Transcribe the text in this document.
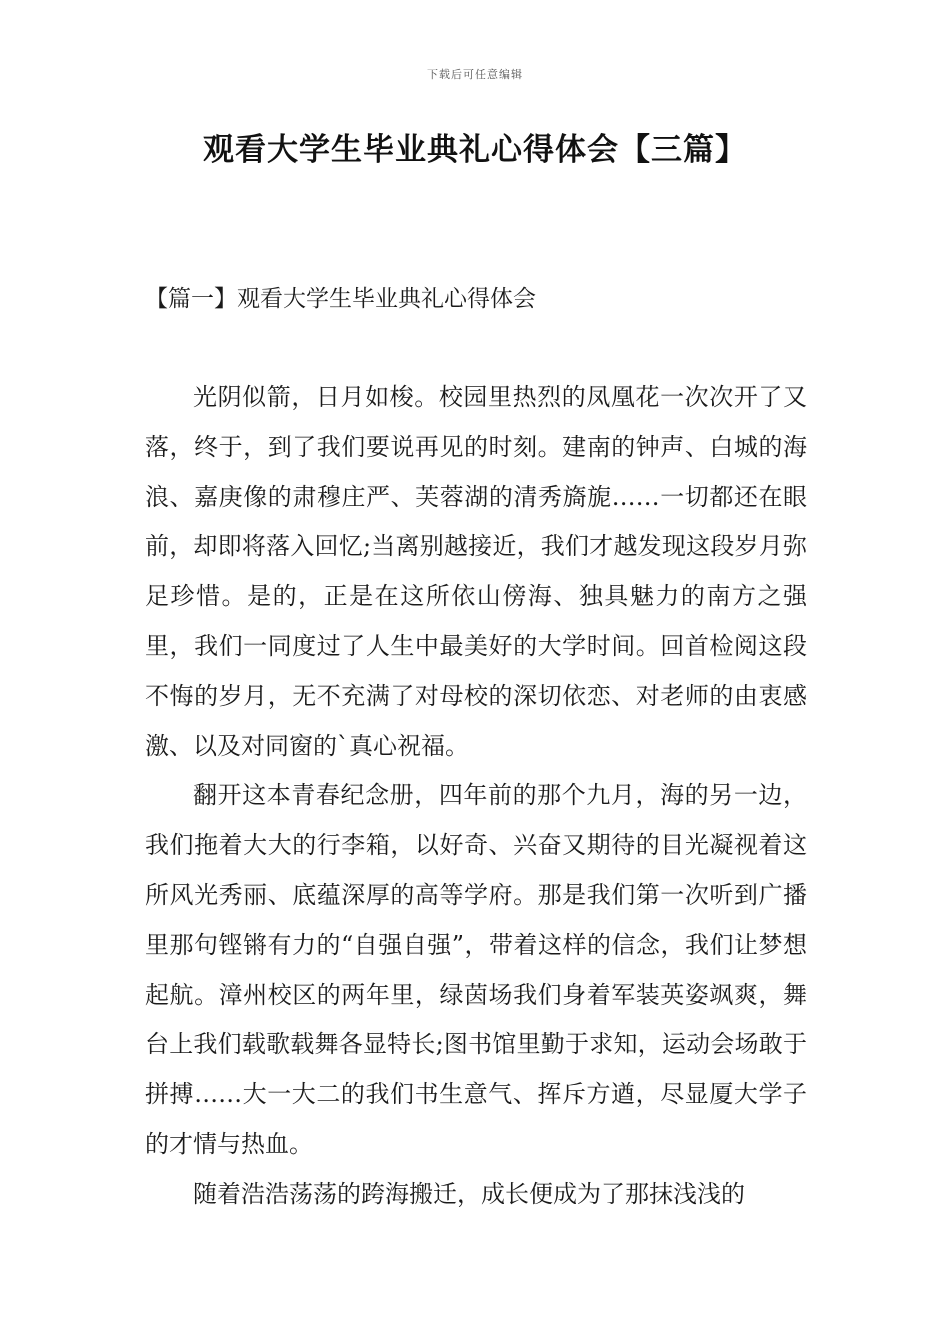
下载后可任意编辑
观看大学生毕业典礼心得体会【三篇】
【篇一】观看大学生毕业典礼心得体会

光阴似箭，日月如梭。校园里热烈的凤凰花一次次开了又落，终于，到了我们要说再见的时刻。建南的钟声、白城的海浪、嘉庚像的肃穆庄严、芙蓉湖的清秀旖旎……一切都还在眼前，却即将落入回忆;当离别越接近，我们才越发现这段岁月弥足珍惜。是的，正是在这所依山傍海、独具魅力的南方之强里，我们一同度过了人生中最美好的大学时间。回首检阅这段不悔的岁月，无不充满了对母校的深切依恋、对老师的由衷感激、以及对同窗的`真心祝福。

翻开这本青春纪念册，四年前的那个九月，海的另一边，我们拖着大大的行李箱，以好奇、兴奋又期待的目光凝视着这所风光秀丽、底蕴深厚的高等学府。那是我们第一次听到广播里那句铿锵有力的“自强自强”，带着这样的信念，我们让梦想起航。漳州校区的两年里，绿茵场我们身着军装英姿飒爽，舞台上我们载歌载舞各显特长;图书馆里勤于求知，运动会场敢于拼搏……大一大二的我们书生意气、挥斥方遒，尽显厦大学子的才情与热血。

随着浩浩荡荡的跨海搬迁，成长便成为了那抹浅浅的
